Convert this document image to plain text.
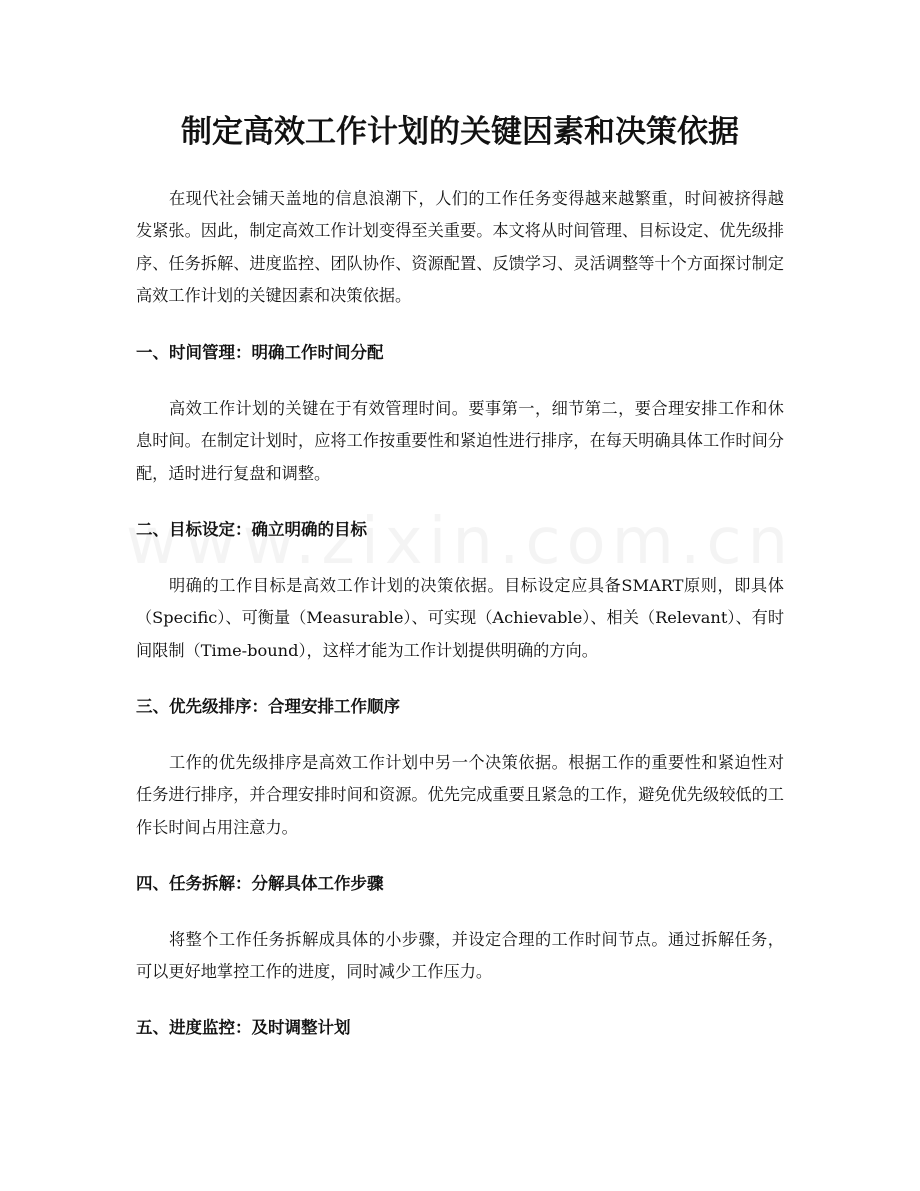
制定高效工作计划的关键因素和决策依据

在现代社会铺天盖地的信息浪潮下，人们的工作任务变得越来越繁重，时间被挤得越发紧张。因此，制定高效工作计划变得至关重要。本文将从时间管理、目标设定、优先级排序、任务拆解、进度监控、团队协作、资源配置、反馈学习、灵活调整等十个方面探讨制定高效工作计划的关键因素和决策依据。

一、时间管理：明确工作时间分配

高效工作计划的关键在于有效管理时间。要事第一，细节第二，要合理安排工作和休息时间。在制定计划时，应将工作按重要性和紧迫性进行排序，在每天明确具体工作时间分配，适时进行复盘和调整。

二、目标设定：确立明确的目标

明确的工作目标是高效工作计划的决策依据。目标设定应具备SMART原则，即具体（Specific）、可衡量（Measurable）、可实现（Achievable）、相关（Relevant）、有时间限制（Time-bound），这样才能为工作计划提供明确的方向。

三、优先级排序：合理安排工作顺序

工作的优先级排序是高效工作计划中另一个决策依据。根据工作的重要性和紧迫性对任务进行排序，并合理安排时间和资源。优先完成重要且紧急的工作，避免优先级较低的工作长时间占用注意力。

四、任务拆解：分解具体工作步骤

将整个工作任务拆解成具体的小步骤，并设定合理的工作时间节点。通过拆解任务，可以更好地掌控工作的进度，同时减少工作压力。

五、进度监控：及时调整计划
